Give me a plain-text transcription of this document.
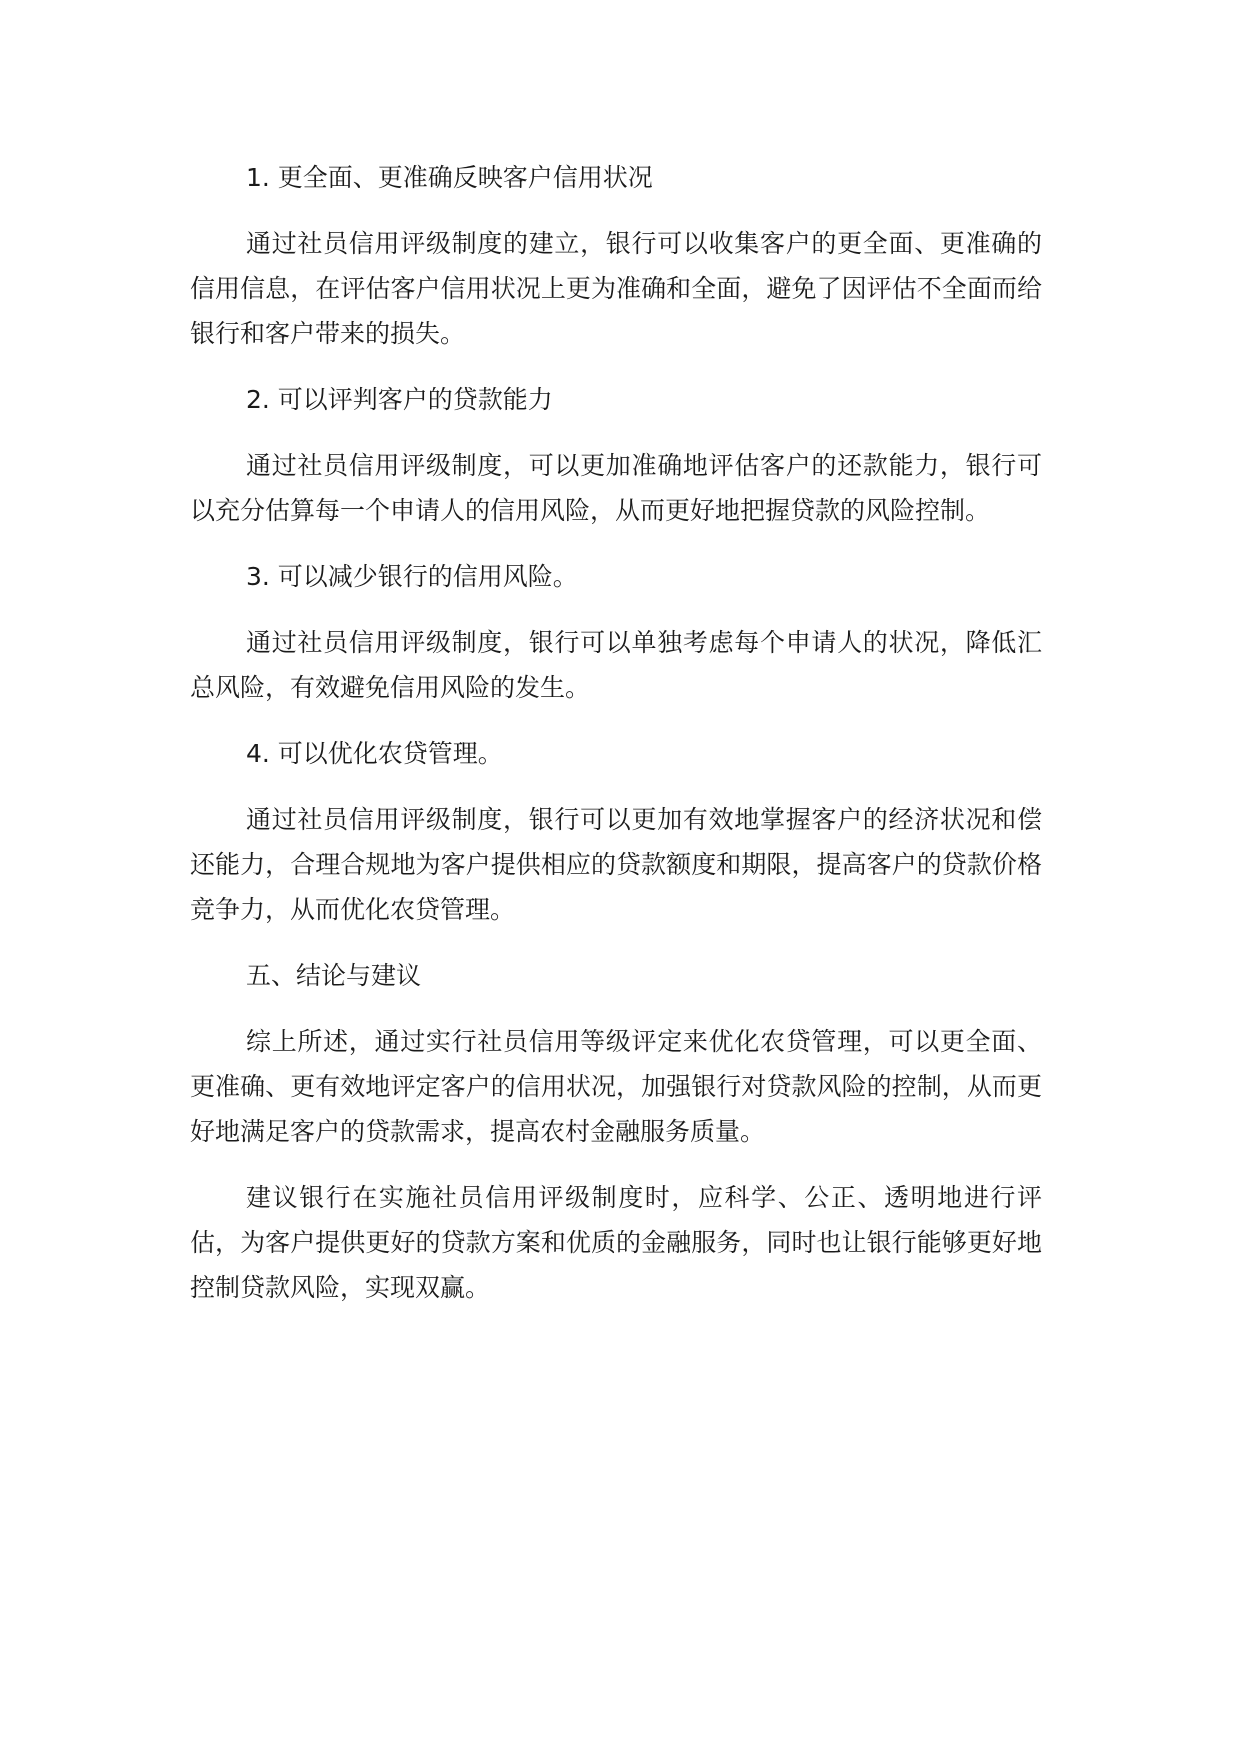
1. 更全面、更准确反映客户信用状况

通过社员信用评级制度的建立，银行可以收集客户的更全面、更准确的信用信息，在评估客户信用状况上更为准确和全面，避免了因评估不全面而给银行和客户带来的损失。

2. 可以评判客户的贷款能力

通过社员信用评级制度，可以更加准确地评估客户的还款能力，银行可以充分估算每一个申请人的信用风险，从而更好地把握贷款的风险控制。

3. 可以减少银行的信用风险。

通过社员信用评级制度，银行可以单独考虑每个申请人的状况，降低汇总风险，有效避免信用风险的发生。

4. 可以优化农贷管理。

通过社员信用评级制度，银行可以更加有效地掌握客户的经济状况和偿还能力，合理合规地为客户提供相应的贷款额度和期限，提高客户的贷款价格竞争力，从而优化农贷管理。

五、结论与建议

综上所述，通过实行社员信用等级评定来优化农贷管理，可以更全面、更准确、更有效地评定客户的信用状况，加强银行对贷款风险的控制，从而更好地满足客户的贷款需求，提高农村金融服务质量。

建议银行在实施社员信用评级制度时，应科学、公正、透明地进行评估，为客户提供更好的贷款方案和优质的金融服务，同时也让银行能够更好地控制贷款风险，实现双赢。
